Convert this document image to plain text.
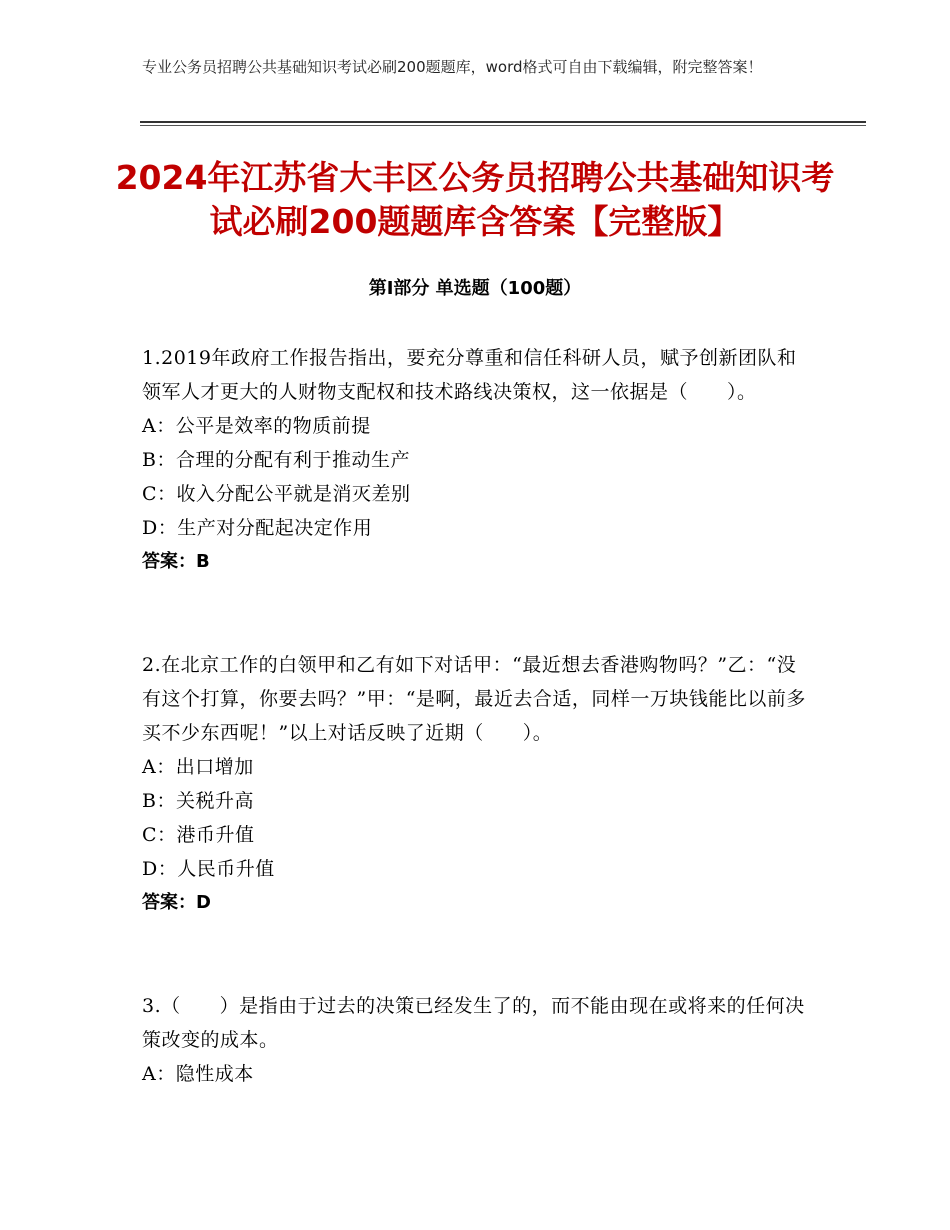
专业公务员招聘公共基础知识考试必刷200题题库，word格式可自由下载编辑，附完整答案！
2024年江苏省大丰区公务员招聘公共基础知识考试必刷200题题库含答案【完整版】
第Ⅰ部分 单选题（100题）

1.2019年政府工作报告指出，要充分尊重和信任科研人员，赋予创新团队和领军人才更大的人财物支配权和技术路线决策权，这一依据是（　　）。

A：公平是效率的物质前提
B：合理的分配有利于推动生产
C：收入分配公平就是消灭差别
D：生产对分配起决定作用
答案：B

2.在北京工作的白领甲和乙有如下对话甲：“最近想去香港购物吗？”乙：“没有这个打算，你要去吗？”甲：“是啊，最近去合适，同样一万块钱能比以前多买不少东西呢！”以上对话反映了近期（　　）。

A：出口增加
B：关税升高
C：港币升值
D：人民币升值
答案：D

3.（　　）是指由于过去的决策已经发生了的，而不能由现在或将来的任何决策改变的成本。

A：隐性成本
